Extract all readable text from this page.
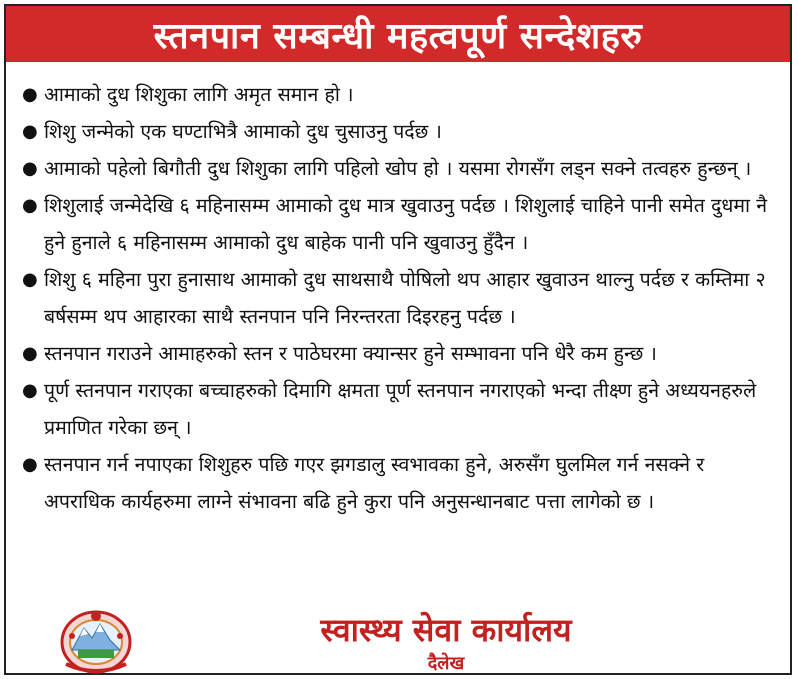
स्तनपान सम्बन्धी महत्वपूर्ण सन्देशहरु
● आमाको दुध शिशुका लागि अमृत समान हो ।
● शिशु जन्मेको एक घण्टाभित्रै आमाको दुध चुसाउनु पर्दछ ।
● आमाको पहेलो बिगौती दुध शिशुका लागि पहिलो खोप हो । यसमा रोगसँग लड्न सक्ने तत्वहरु हुन्छन् ।
● शिशुलाई जन्मेदेखि ६ महिनासम्म आमाको दुध मात्र खुवाउनु पर्दछ । शिशुलाई चाहिने पानी समेत दुधमा नै हुने हुनाले ६ महिनासम्म आमाको दुध बाहेक पानी पनि खुवाउनु हुँदैन ।
● शिशु ६ महिना पुरा हुनासाथ आमाको दुध साथसाथै पोषिलो थप आहार खुवाउन थाल्नु पर्दछ र कम्तिमा २ बर्षसम्म थप आहारका साथै स्तनपान पनि निरन्तरता दिइरहनु पर्दछ ।
● स्तनपान गराउने आमाहरुको स्तन र पाठेघरमा क्यान्सर हुने सम्भावना पनि धेरै कम हुन्छ ।
● पूर्ण स्तनपान गराएका बच्चाहरुको दिमागि क्षमता पूर्ण स्तनपान नगराएको भन्दा तीक्ष्ण हुने अध्ययनहरुले प्रमाणित गरेका छन् ।
● स्तनपान गर्न नपाएका शिशुहरु पछि गएर झगडालु स्वभावका हुने, अरुसँग घुलमिल गर्न नसक्ने र अपराधिक कार्यहरुमा लाग्ने संभावना बढि हुने कुरा पनि अनुसन्धानबाट पत्ता लागेको छ ।
स्वास्थ्य सेवा कार्यालय
दैलेख
